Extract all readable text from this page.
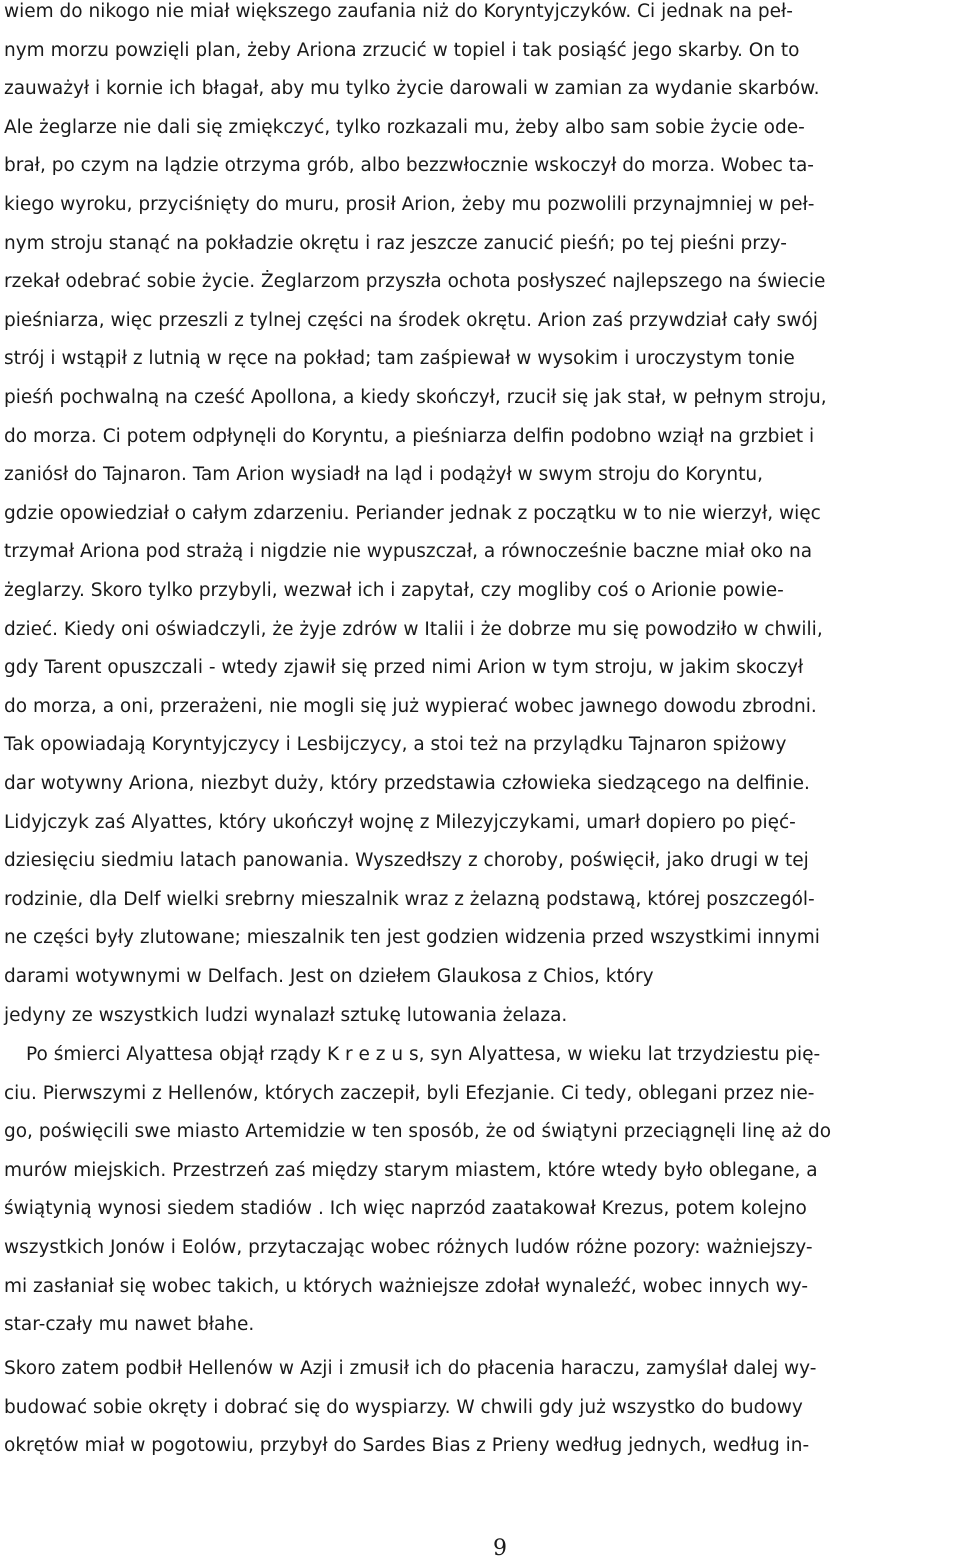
wiem do nikogo nie miał większego zaufania niż do Koryntyjczyków. Ci jednak na peł-
nym morzu powzięli plan, żeby Ariona zrzucić w topiel i tak posiąść jego skarby. On to
zauważył i kornie ich błagał, aby mu tylko życie darowali w zamian za wydanie skarbów.
Ale żeglarze nie dali się zmiękczyć, tylko rozkazali mu, żeby albo sam sobie życie ode-
brał, po czym na lądzie otrzyma grób, albo bezzwłocznie wskoczył do morza. Wobec ta-
kiego wyroku, przyciśnięty do muru, prosił Arion, żeby mu pozwolili przynajmniej w peł-
nym stroju stanąć na pokładzie okrętu i raz jeszcze zanucić pieśń; po tej pieśni przy-
rzekał odebrać sobie życie. Żeglarzom przyszła ochota posłyszeć najlepszego na świecie
pieśniarza, więc przeszli z tylnej części na środek okrętu. Arion zaś przywdział cały swój
strój i wstąpił z lutnią w ręce na pokład; tam zaśpiewał w wysokim i uroczystym tonie
pieśń pochwalną na cześć Apollona, a kiedy skończył, rzucił się jak stał, w pełnym stroju,
do morza. Ci potem odpłynęli do Koryntu, a pieśniarza delfin podobno wziął na grzbiet i
zaniósł do Tajnaron. Tam Arion wysiadł na ląd i podążył w swym stroju do Koryntu,
gdzie opowiedział o całym zdarzeniu. Periander jednak z początku w to nie wierzył, więc
trzymał Ariona pod strażą i nigdzie nie wypuszczał, a równocześnie baczne miał oko na
żeglarzy. Skoro tylko przybyli, wezwał ich i zapytał, czy mogliby coś o Arionie powie-
dzieć. Kiedy oni oświadczyli, że żyje zdrów w Italii i że dobrze mu się powodziło w chwili,
gdy Tarent opuszczali - wtedy zjawił się przed nimi Arion w tym stroju, w jakim skoczył
do morza, a oni, przerażeni, nie mogli się już wypierać wobec jawnego dowodu zbrodni.
Tak opowiadają Koryntyjczycy i Lesbijczycy, a stoi też na przylądku Tajnaron spiżowy
dar wotywny Ariona, niezbyt duży, który przedstawia człowieka siedzącego na delfinie.
Lidyjczyk zaś Alyattes, który ukończył wojnę z Milezyjczykami, umarł dopiero po pięć-
dziesięciu siedmiu latach panowania. Wyszedłszy z choroby, poświęcił, jako drugi w tej
rodzinie, dla Delf wielki srebrny mieszalnik wraz z żelazną podstawą, której poszczegól-
ne części były zlutowane; mieszalnik ten jest godzien widzenia przed wszystkimi innymi
darami wotywnymi w Delfach. Jest on dziełem Glaukosa z Chios, który
jedyny ze wszystkich ludzi wynalazł sztukę lutowania żelaza.
Po śmierci Alyattesa objął rządy K r e z u s, syn Alyattesa, w wieku lat trzydziestu pię-
ciu. Pierwszymi z Hellenów, których zaczepił, byli Efezjanie. Ci tedy, oblegani przez nie-
go, poświęcili swe miasto Artemidzie w ten sposób, że od świątyni przeciągnęli linę aż do
murów miejskich. Przestrzeń zaś między starym miastem, które wtedy było oblegane, a
świątynią wynosi siedem stadiów . Ich więc naprzód zaatakował Krezus, potem kolejno
wszystkich Jonów i Eolów, przytaczając wobec różnych ludów różne pozory: ważniejszy-
mi zasłaniał się wobec takich, u których ważniejsze zdołał wynaleźć, wobec innych wy-
star-czały mu nawet błahe.
Skoro zatem podbił Hellenów w Azji i zmusił ich do płacenia haraczu, zamyślał dalej wy-
budować sobie okręty i dobrać się do wyspiarzy. W chwili gdy już wszystko do budowy
okrętów miał w pogotowiu, przybył do Sardes Bias z Prieny według jednych, według in-
9
